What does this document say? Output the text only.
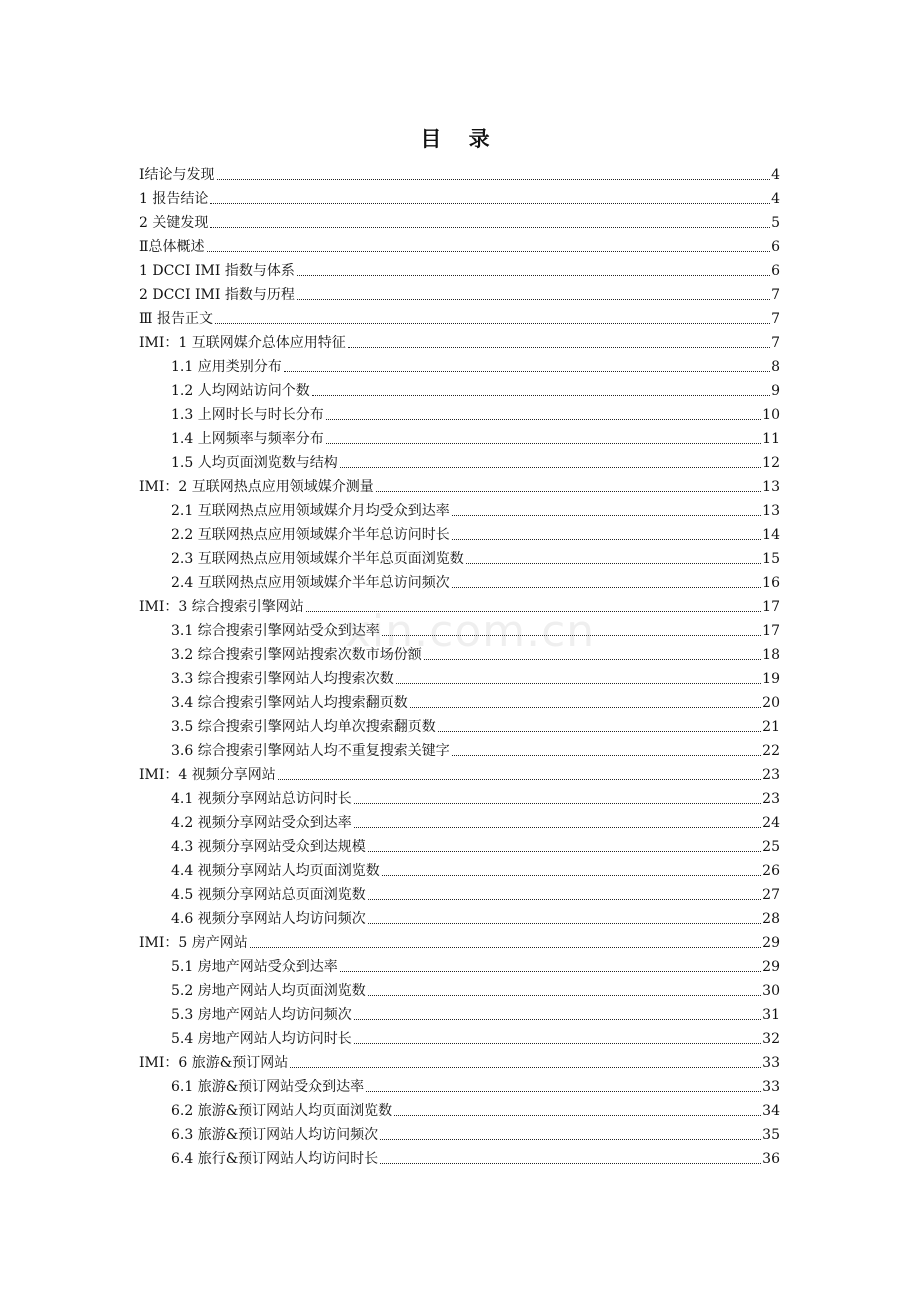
目 录
Ⅰ结论与发现	4
1 报告结论	4
2 关键发现	5
Ⅱ总体概述	6
1 DCCI IMI 指数与体系	6
2 DCCI IMI 指数与历程	7
Ⅲ 报告正文	7
IMI：1 互联网媒介总体应用特征	7
1.1 应用类别分布	8
1.2 人均网站访问个数	9
1.3 上网时长与时长分布	10
1.4 上网频率与频率分布	11
1.5 人均页面浏览数与结构	12
IMI：2 互联网热点应用领域媒介测量	13
2.1 互联网热点应用领域媒介月均受众到达率	13
2.2 互联网热点应用领域媒介半年总访问时长	14
2.3 互联网热点应用领域媒介半年总页面浏览数	15
2.4 互联网热点应用领域媒介半年总访问频次	16
IMI：3 综合搜索引擎网站	17
3.1 综合搜索引擎网站受众到达率	17
3.2 综合搜索引擎网站搜索次数市场份额	18
3.3 综合搜索引擎网站人均搜索次数	19
3.4 综合搜索引擎网站人均搜索翻页数	20
3.5 综合搜索引擎网站人均单次搜索翻页数	21
3.6 综合搜索引擎网站人均不重复搜索关键字	22
IMI：4 视频分享网站	23
4.1 视频分享网站总访问时长	23
4.2 视频分享网站受众到达率	24
4.3 视频分享网站受众到达规模	25
4.4 视频分享网站人均页面浏览数	26
4.5 视频分享网站总页面浏览数	27
4.6 视频分享网站人均访问频次	28
IMI：5 房产网站	29
5.1 房地产网站受众到达率	29
5.2 房地产网站人均页面浏览数	30
5.3 房地产网站人均访问频次	31
5.4 房地产网站人均访问时长	32
IMI：6 旅游&预订网站	33
6.1 旅游&预订网站受众到达率	33
6.2 旅游&预订网站人均页面浏览数	34
6.3 旅游&预订网站人均访问频次	35
6.4 旅行&预订网站人均访问时长	36
xin.com.cn
